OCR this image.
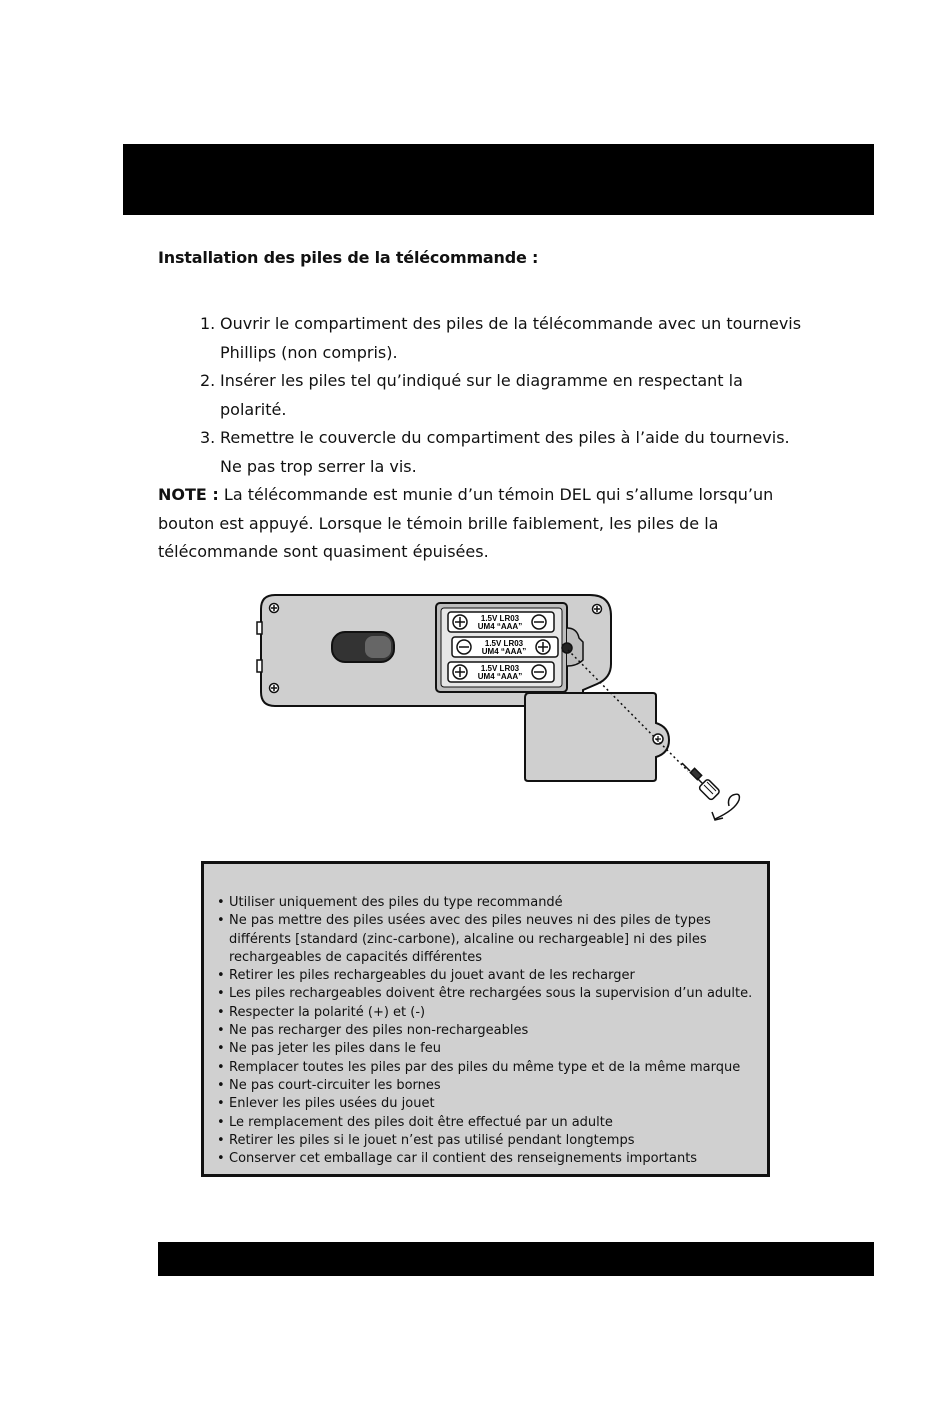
Installation des piles de la télécommande :
1. Ouvrir le compartiment des piles de la télécommande avec un tournevis Phillips (non compris).
2. Insérer les piles tel qu’indiqué sur le diagramme en respectant la polarité.
3. Remettre le couvercle du compartiment des piles à l’aide du tournevis. Ne pas trop serrer la vis.

NOTE : La télécommande est munie d’un témoin DEL qui s’allume lorsqu’un bouton est appuyé. Lorsque le témoin brille faiblement, les piles de la télécommande sont quasiment épuisées.

1.5V LR03
UM4 “AAA”
1.5V LR03
UM4 “AAA”
1.5V LR03
UM4 “AAA”
• Utiliser uniquement des piles du type recommandé
• Ne pas mettre des piles usées avec des piles neuves ni des piles de types différents [standard (zinc-carbone), alcaline ou rechargeable] ni des piles rechargeables de capacités différentes
• Retirer les piles rechargeables du jouet avant de les recharger
• Les piles rechargeables doivent être rechargées sous la supervision d’un adulte.
• Respecter la polarité (+) et (-)
• Ne pas recharger des piles non-rechargeables
• Ne pas jeter les piles dans le feu
• Remplacer toutes les piles par des piles du même type et de la même marque
• Ne pas court-circuiter les bornes
• Enlever les piles usées du jouet
• Le remplacement des piles doit être effectué par un adulte
• Retirer les piles si le jouet n’est pas utilisé pendant longtemps
• Conserver cet emballage car il contient des renseignements importants
